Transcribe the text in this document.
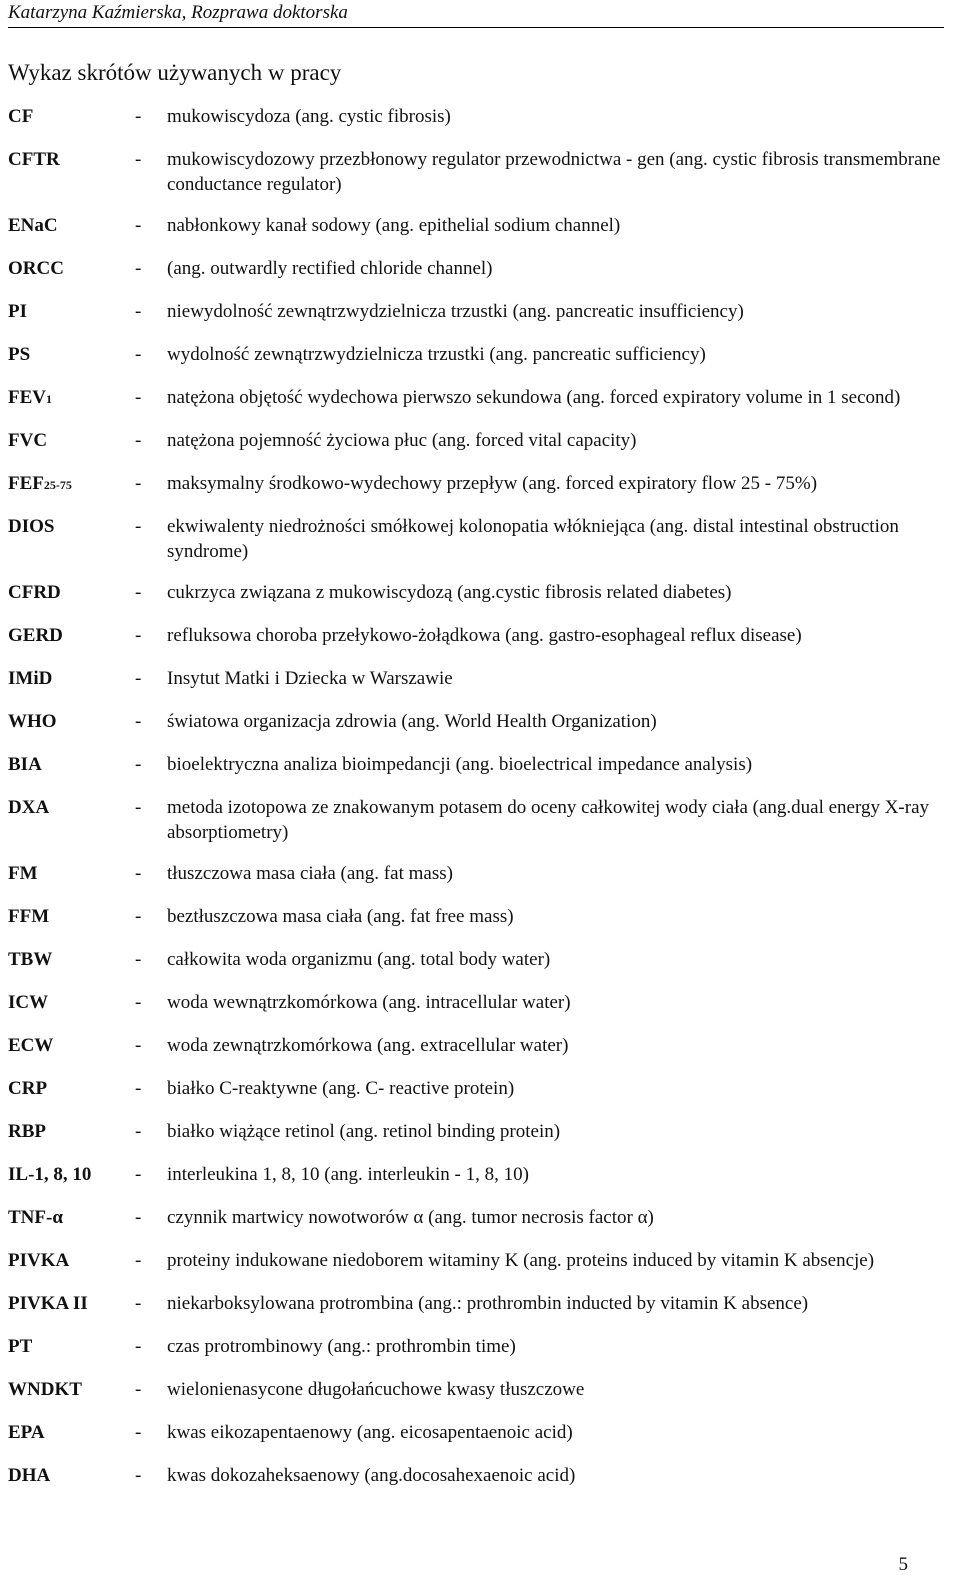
Katarzyna Kaźmierska, Rozprawa doktorska
Wykaz skrótów używanych w pracy
CF	-	mukowiscydoza (ang. cystic fibrosis)
CFTR	-	mukowiscydozowy przezbłonowy regulator przewodnictwa - gen (ang. cystic fibrosis transmembrane conductance regulator)
ENaC	-	nabłonkowy kanał sodowy (ang. epithelial sodium channel)
ORCC	-	(ang. outwardly rectified chloride channel)
PI	-	niewydolność zewnątrzwydzielnicza trzustki (ang. pancreatic insufficiency)
PS	-	wydolność zewnątrzwydzielnicza trzustki (ang. pancreatic sufficiency)
FEV1	-	natężona objętość wydechowa pierwszo sekundowa (ang. forced expiratory volume in 1 second)
FVC	-	natężona pojemność życiowa płuc (ang. forced vital capacity)
FEF25-75	-	maksymalny środkowo-wydechowy przepływ (ang. forced expiratory flow 25 - 75%)
DIOS	-	ekwiwalenty niedrożności smółkowej kolonopatia włókniejąca (ang. distal intestinal obstruction syndrome)
CFRD	-	cukrzyca związana z mukowiscydozą (ang.cystic fibrosis related diabetes)
GERD	-	refluksowa choroba przełykowo-żołądkowa (ang. gastro-esophageal reflux disease)
IMiD	-	Insytut Matki i Dziecka w Warszawie
WHO	-	światowa organizacja zdrowia (ang. World Health Organization)
BIA	-	bioelektryczna analiza bioimpedancji (ang. bioelectrical impedance analysis)
DXA	-	metoda izotopowa ze znakowanym potasem do oceny całkowitej wody ciała (ang.dual energy X-ray absorptiometry)
FM	-	tłuszczowa masa ciała (ang. fat mass)
FFM	-	beztłuszczowa masa ciała (ang. fat free mass)
TBW	-	całkowita woda organizmu (ang. total body water)
ICW	-	woda wewnątrzkomórkowa (ang. intracellular water)
ECW	-	woda zewnątrzkomórkowa (ang. extracellular water)
CRP	-	białko C-reaktywne (ang. C- reactive protein)
RBP	-	białko wiążące retinol (ang. retinol binding protein)
IL-1, 8, 10	-	interleukina 1, 8, 10 (ang. interleukin - 1, 8, 10)
TNF-α	-	czynnik martwicy nowotworów α (ang. tumor necrosis factor α)
PIVKA	-	proteiny indukowane niedoborem witaminy K (ang. proteins induced by vitamin K absencje)
PIVKA II	-	niekarboksylowana protrombina (ang.: prothrombin inducted by vitamin K absence)
PT	-	czas protrombinowy (ang.: prothrombin time)
WNDKT	-	wielonienasycone długołańcuchowe kwasy tłuszczowe
EPA	-	kwas eikozapentaenowy (ang. eicosapentaenoic acid)
DHA	-	kwas dokozaheksaenowy (ang.docosahexaenoic acid)
5
